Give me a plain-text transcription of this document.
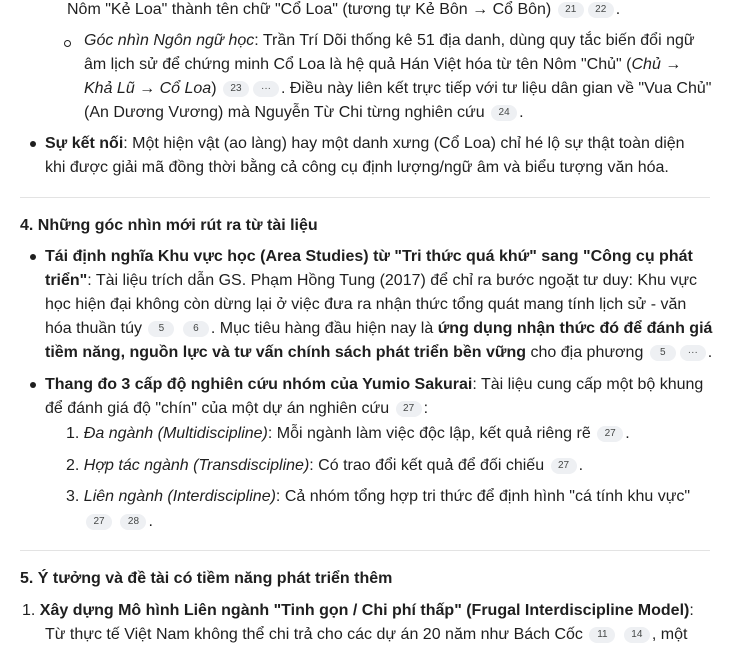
Nôm "Kẻ Loa" thành tên chữ "Cổ Loa" (tương tự Kẻ Bôn → Cổ Bôn) 21 22 .
Góc nhìn Ngôn ngữ học: Trần Trí Dõi thống kê 51 địa danh, dùng quy tắc biến đổi ngữ
âm lịch sử để chứng minh Cổ Loa là hệ quả Hán Việt hóa từ tên Nôm "Chủ" (Chủ →
Khả Lũ → Cổ Loa) 23 ··· . Điều này liên kết trực tiếp với tư liệu dân gian về "Vua Chủ"
(An Dương Vương) mà Nguyễn Từ Chi từng nghiên cứu 24 .
Sự kết nối: Một hiện vật (ao làng) hay một danh xưng (Cổ Loa) chỉ hé lộ sự thật toàn diện
khi được giải mã đồng thời bằng cả công cụ định lượng/ngữ âm và biểu tượng văn hóa.
4. Những góc nhìn mới rút ra từ tài liệu
Tái định nghĩa Khu vực học (Area Studies) từ "Tri thức quá khứ" sang "Công cụ phát
triển": Tài liệu trích dẫn GS. Phạm Hồng Tung (2017) để chỉ ra bước ngoặt tư duy: Khu vực
học hiện đại không còn dừng lại ở việc đưa ra nhận thức tổng quát mang tính lịch sử - văn
hóa thuần túy 5	6 . Mục tiêu hàng đầu hiện nay là ứng dụng nhận thức đó để đánh giá
tiềm năng, nguồn lực và tư vấn chính sách phát triển bền vững cho địa phương 5 ··· .
Thang đo 3 cấp độ nghiên cứu nhóm của Yumio Sakurai: Tài liệu cung cấp một bộ khung
để đánh giá độ "chín" của một dự án nghiên cứu 27 :
1. Đa ngành (Multidiscipline): Mỗi ngành làm việc độc lập, kết quả riêng rẽ 27 .
2. Hợp tác ngành (Transdiscipline): Có trao đổi kết quả để đối chiếu 27 .
3. Liên ngành (Interdiscipline): Cả nhóm tổng hợp tri thức để định hình "cá tính khu vực"
27 28 .
5. Ý tưởng và đề tài có tiềm năng phát triển thêm
1. Xây dựng Mô hình Liên ngành "Tinh gọn / Chi phí thấp" (Frugal Interdiscipline Model):
Từ thực tế Việt Nam không thể chi trả cho các dự án 20 năm như Bách Cốc 11 14 , một
